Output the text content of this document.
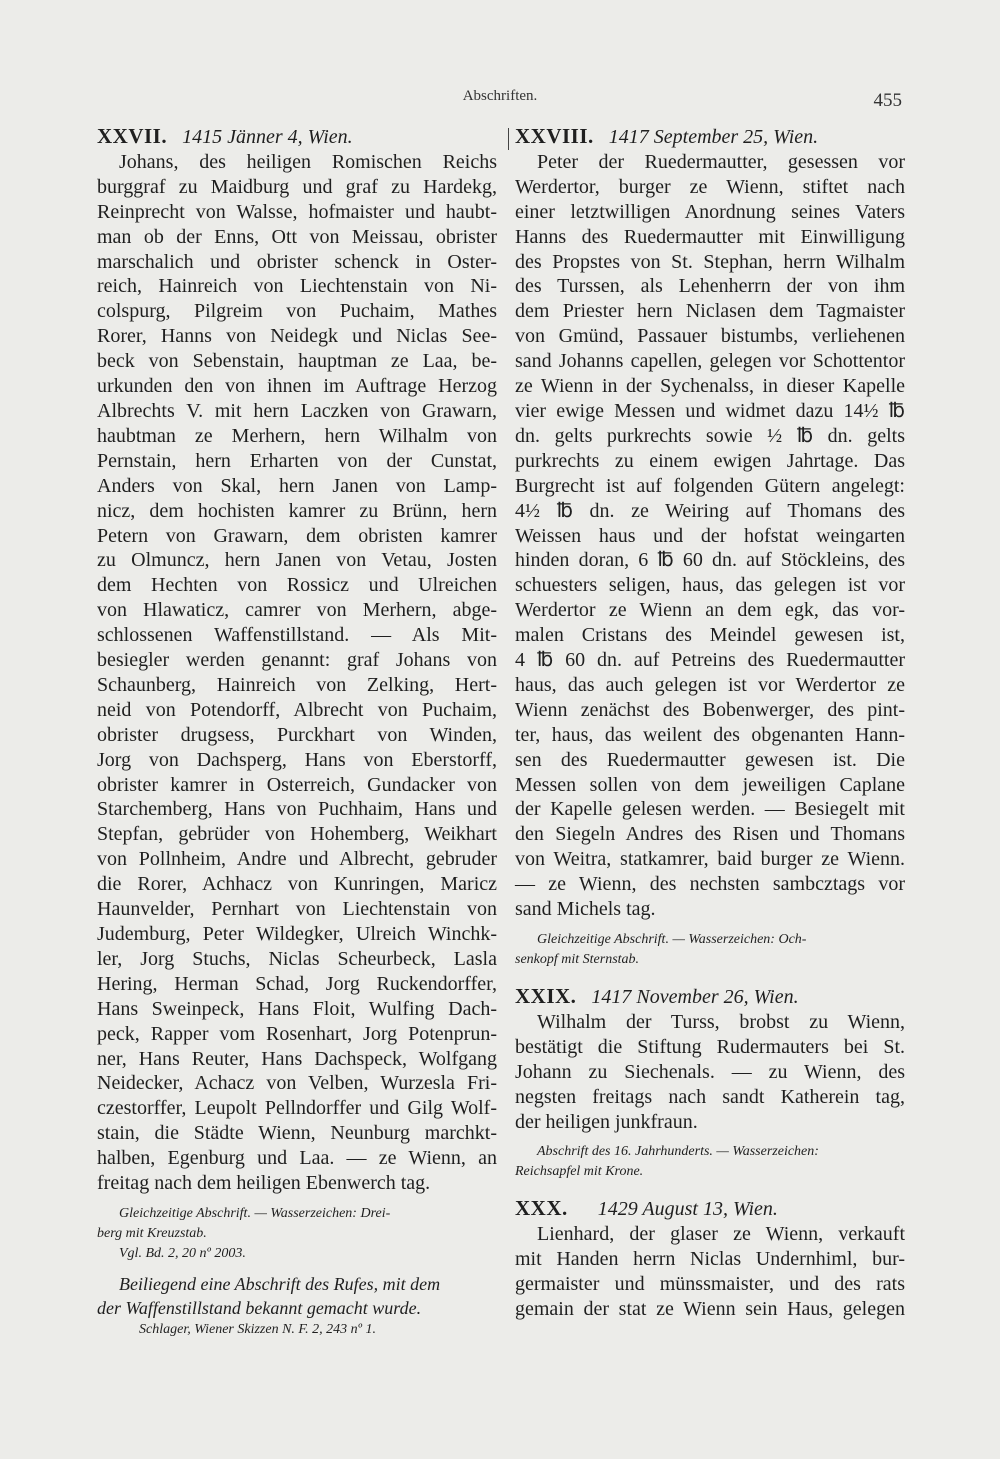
Abschriften.	455
XXVII. 1415 Jänner 4, Wien.
Johans, des heiligen Romischen Reichs
burggraf zu Maidburg und graf zu Hardekg,
Reinprecht von Walsse, hofmaister und haubt-
man ob der Enns, Ott von Meissau, obrister
marschalich und obrister schenck in Oster-
reich, Hainreich von Liechtenstain von Ni-
colspurg, Pilgreim von Puchaim, Mathes
Rorer, Hanns von Neidegk und Niclas See-
beck von Sebenstain, hauptman ze Laa, be-
urkunden den von ihnen im Auftrage Herzog
Albrechts V. mit hern Laczken von Grawarn,
haubtman ze Merhern, hern Wilhalm von
Pernstain, hern Erharten von der Cunstat,
Anders von Skal, hern Janen von Lamp-
nicz, dem hochisten kamrer zu Brünn, hern
Petern von Grawarn, dem obristen kamrer
zu Olmuncz, hern Janen von Vetau, Josten
dem Hechten von Rossicz und Ulreichen
von Hlawaticz, camrer von Merhern, abge-
schlossenen Waffenstillstand. — Als Mit-
besiegler werden genannt: graf Johans von
Schaunberg, Hainreich von Zelking, Hert-
neid von Potendorff, Albrecht von Puchaim,
obrister drugsess, Purckhart von Winden,
Jorg von Dachsperg, Hans von Eberstorff,
obrister kamrer in Osterreich, Gundacker von
Starchemberg, Hans von Puchhaim, Hans und
Stepfan, gebrüder von Hohemberg, Weikhart
von Pollnheim, Andre und Albrecht, gebruder
die Rorer, Achhacz von Kunringen, Maricz
Haunvelder, Pernhart von Liechtenstain von
Judemburg, Peter Wildegker, Ulreich Winchk-
ler, Jorg Stuchs, Niclas Scheurbeck, Lasla
Hering, Herman Schad, Jorg Ruckendorffer,
Hans Sweinpeck, Hans Floit, Wulfing Dach-
peck, Rapper vom Rosenhart, Jorg Potenprun-
ner, Hans Reuter, Hans Dachspeck, Wolfgang
Neidecker, Achacz von Velben, Wurzesla Fri-
czestorffer, Leupolt Pellndorffer und Gilg Wolf-
stain, die Städte Wienn, Neunburg marchkt-
halben, Egenburg und Laa. — ze Wienn, an
freitag nach dem heiligen Ebenwerch tag.
Gleichzeitige Abschrift. — Wasserzeichen: Drei-
berg mit Kreuzstab.
Vgl. Bd. 2, 20 nº 2003.
Beiliegend eine Abschrift des Rufes, mit dem
der Waffenstillstand bekannt gemacht wurde.
Schlager, Wiener Skizzen N. F. 2, 243 nº 1.
XXVIII. 1417 September 25, Wien.
Peter der Ruedermautter, gesessen vor
Werdertor, burger ze Wienn, stiftet nach
einer letztwilligen Anordnung seines Vaters
Hanns des Ruedermautter mit Einwilligung
des Propstes von St. Stephan, herrn Wilhalm
des Turssen, als Lehenherrn der von ihm
dem Priester hern Niclasen dem Tagmaister
von Gmünd, Passauer bistumbs, verliehenen
sand Johanns capellen, gelegen vor Schottentor
ze Wienn in der Sychenalss, in dieser Kapelle
vier ewige Messen und widmet dazu 14½ ℔
dn. gelts purkrechts sowie ½ ℔ dn. gelts
purkrechts zu einem ewigen Jahrtage. Das
Burgrecht ist auf folgenden Gütern angelegt:
4½ ℔ dn. ze Weiring auf Thomans des
Weissen haus und der hofstat weingarten
hinden doran, 6 ℔ 60 dn. auf Stöckleins, des
schuesters seligen, haus, das gelegen ist vor
Werdertor ze Wienn an dem egk, das vor-
malen Cristans des Meindel gewesen ist,
4 ℔ 60 dn. auf Petreins des Ruedermautter
haus, das auch gelegen ist vor Werdertor ze
Wienn zenächst des Bobenwerger, des pint-
ter, haus, das weilent des obgenanten Hann-
sen des Ruedermautter gewesen ist. Die
Messen sollen von dem jeweiligen Caplane
der Kapelle gelesen werden. — Besiegelt mit
den Siegeln Andres des Risen und Thomans
von Weitra, statkamrer, baid burger ze Wienn.
— ze Wienn, des nechsten sambcztags vor
sand Michels tag.
Gleichzeitige Abschrift. — Wasserzeichen: Och-
senkopf mit Sternstab.
XXIX. 1417 November 26, Wien.
Wilhalm der Turss, brobst zu Wienn,
bestätigt die Stiftung Rudermauters bei St.
Johann zu Siechenals. — zu Wienn, des
negsten freitags nach sandt Katherein tag,
der heiligen junkfraun.
Abschrift des 16. Jahrhunderts. — Wasserzeichen:
Reichsapfel mit Krone.
XXX. 1429 August 13, Wien.
Lienhard, der glaser ze Wienn, verkauft
mit Handen herrn Niclas Undernhiml, bur-
germaister und münssmaister, und des rats
gemain der stat ze Wienn sein Haus, gelegen
